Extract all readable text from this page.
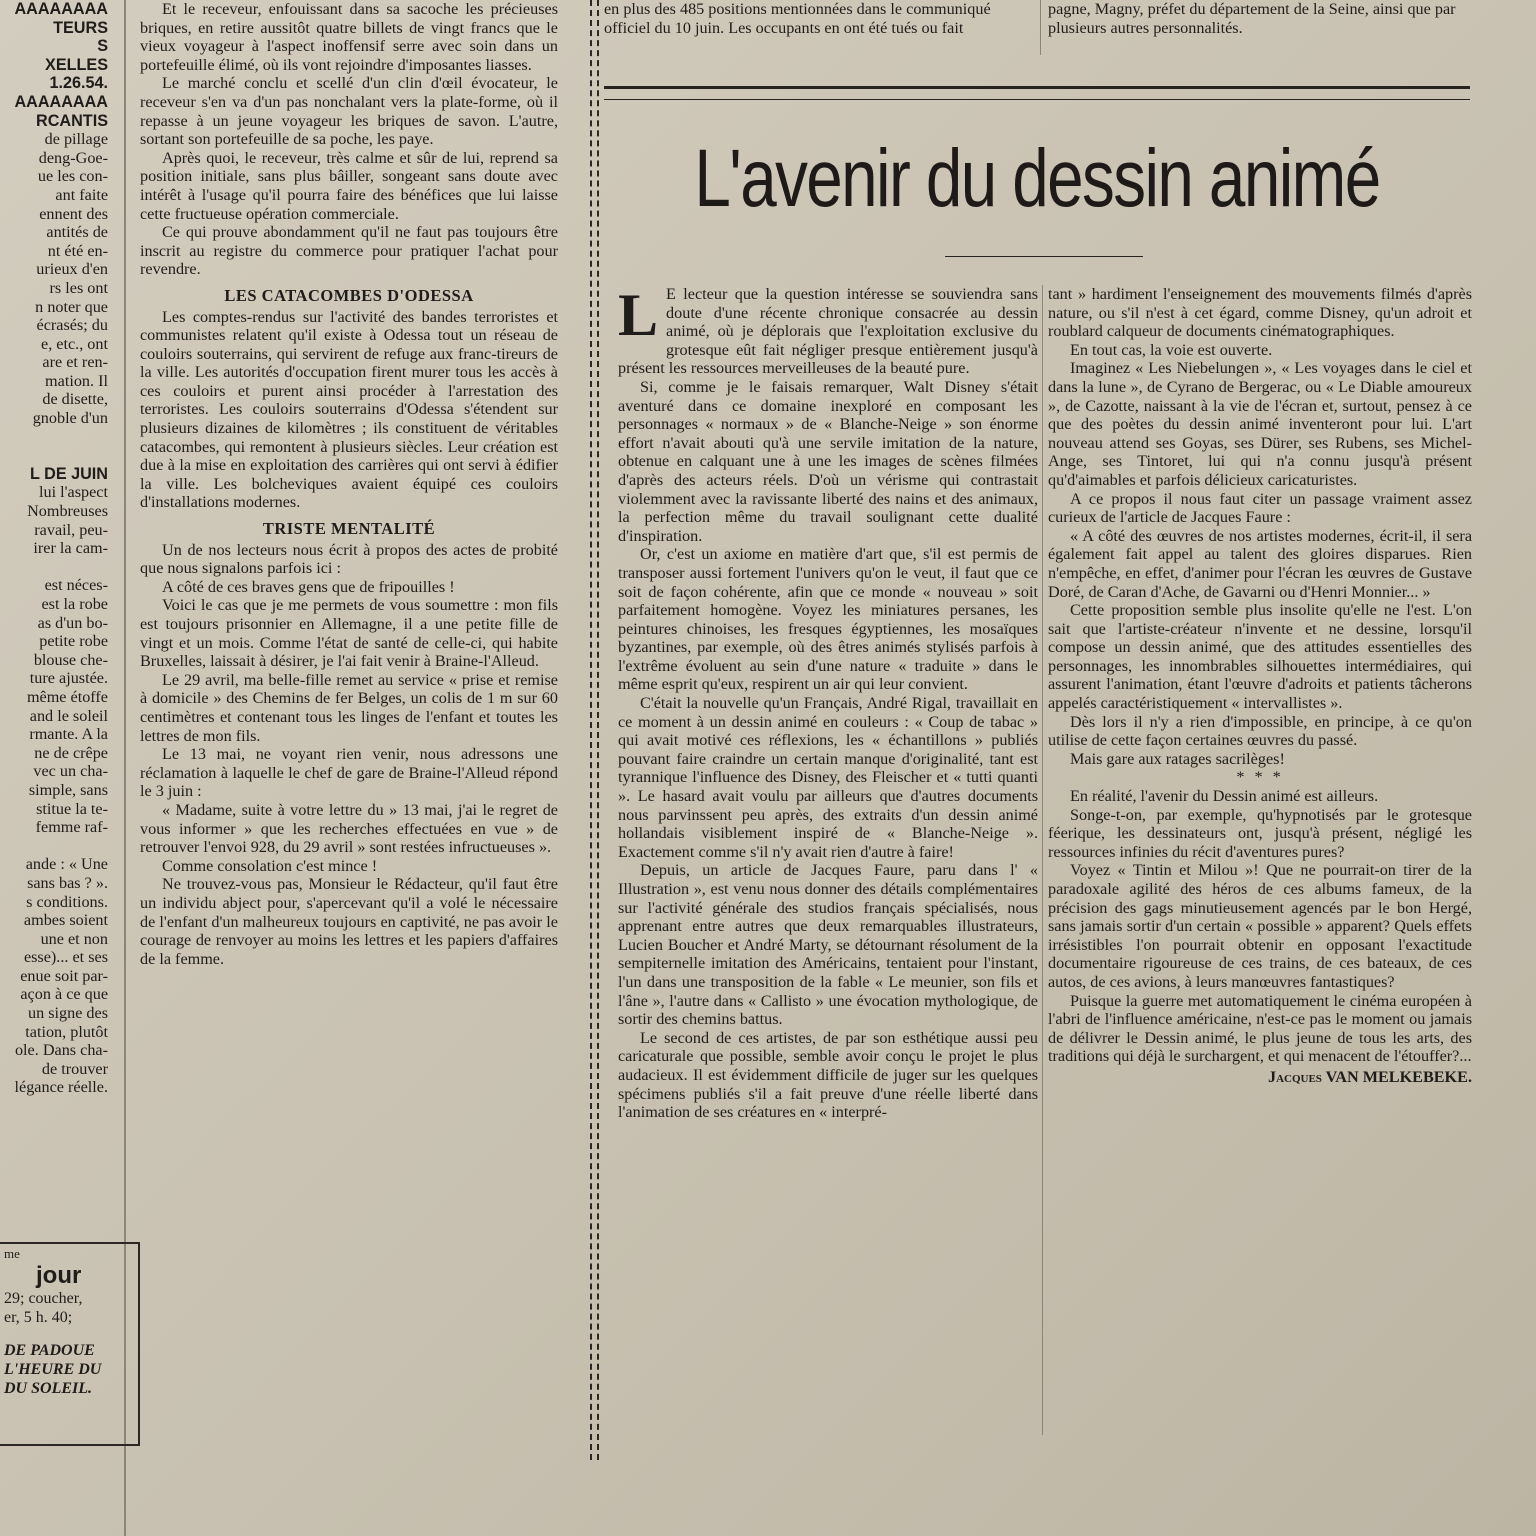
AAAAAAAA
TEURS
S
XELLES
1.26.54.
AAAAAAAA
RCANTIS
de pillage
deng-Goe-
ue les con-
ant faite
ennent des
antités de
nt été en-
urieux d'en
rs les ont
n noter que
écrasés; du
e, etc., ont
are et ren-
mation. Il
de disette,
gnoble d'un

L DE JUIN
lui l'aspect
Nombreuses
ravail, peu-
irer la cam-

est néces-
est la robe
as d'un bo-
petite robe
blouse che-
ture ajustée.
même étoffe
and le soleil
rmante. A la
ne de crêpe
vec un cha-
simple, sans
stitue la te-
femme raf-

ande : « Une
sans bas ? ».
s conditions.
ambes soient
une et non
esse)... et ses
enue soit par-
açon à ce que
un signe des
tation, plutôt
ole. Dans cha-
de trouver
légance réelle.
me
jour
29; coucher,
er, 5 h. 40;
DE PADOUE
L'HEURE DU
DU SOLEIL.

Et le receveur, enfouissant dans sa sacoche les précieuses briques, en retire aussitôt quatre billets de vingt francs que le vieux voyageur à l'aspect inoffensif serre avec soin dans un portefeuille élimé, où ils vont rejoindre d'imposantes liasses.

Le marché conclu et scellé d'un clin d'œil évocateur, le receveur s'en va d'un pas nonchalant vers la plate-forme, où il repasse à un jeune voyageur les briques de savon. L'autre, sortant son portefeuille de sa poche, les paye.

Après quoi, le receveur, très calme et sûr de lui, reprend sa position initiale, sans plus bâiller, songeant sans doute avec intérêt à l'usage qu'il pourra faire des bénéfices que lui laisse cette fructueuse opération commerciale.

Ce qui prouve abondamment qu'il ne faut pas toujours être inscrit au registre du commerce pour pratiquer l'achat pour revendre.

LES CATACOMBES D'ODESSA

Les comptes-rendus sur l'activité des bandes terroristes et communistes relatent qu'il existe à Odessa tout un réseau de couloirs souterrains, qui servirent de refuge aux franc-tireurs de la ville. Les autorités d'occupation firent murer tous les accès à ces couloirs et purent ainsi procéder à l'arrestation des terroristes. Les couloirs souterrains d'Odessa s'étendent sur plusieurs dizaines de kilomètres ; ils constituent de véritables catacombes, qui remontent à plusieurs siècles. Leur création est due à la mise en exploitation des carrières qui ont servi à édifier la ville. Les bolcheviques avaient équipé ces couloirs d'installations modernes.

TRISTE MENTALITÉ

Un de nos lecteurs nous écrit à propos des actes de probité que nous signalons parfois ici :

A côté de ces braves gens que de fripouilles !

Voici le cas que je me permets de vous soumettre : mon fils est toujours prisonnier en Allemagne, il a une petite fille de vingt et un mois. Comme l'état de santé de celle-ci, qui habite Bruxelles, laissait à désirer, je l'ai fait venir à Braine-l'Alleud.

Le 29 avril, ma belle-fille remet au service « prise et remise à domicile » des Chemins de fer Belges, un colis de 1 m sur 60 centimètres et contenant tous les linges de l'enfant et toutes les lettres de mon fils.

Le 13 mai, ne voyant rien venir, nous adressons une réclamation à laquelle le chef de gare de Braine-l'Alleud répond le 3 juin :

« Madame, suite à votre lettre du » 13 mai, j'ai le regret de vous informer » que les recherches effectuées en vue » de retrouver l'envoi 928, du 29 avril » sont restées infructueuses ».

Comme consolation c'est mince !

Ne trouvez-vous pas, Monsieur le Rédacteur, qu'il faut être un individu abject pour, s'apercevant qu'il a volé le nécessaire de l'enfant d'un malheureux toujours en captivité, ne pas avoir le courage de renvoyer au moins les lettres et les papiers d'affaires de la femme.

en plus des 485 positions mentionnées dans le communiqué officiel du 10 juin. Les occupants en ont été tués ou fait

pagne, Magny, préfet du département de la Seine, ainsi que par plusieurs autres personnalités.

L'avenir du dessin animé
L E lecteur que la question intéresse se souviendra sans doute d'une récente chronique consacrée au dessin animé, où je déplorais que l'exploitation exclusive du grotesque eût fait négliger presque entièrement jusqu'à présent les ressources merveilleuses de la beauté pure.

Si, comme je le faisais remarquer, Walt Disney s'était aventuré dans ce domaine inexploré en composant les personnages « normaux » de « Blanche-Neige » son énorme effort n'avait abouti qu'à une servile imitation de la nature, obtenue en calquant une à une les images de scènes filmées d'après des acteurs réels. D'où un vérisme qui contrastait violemment avec la ravissante liberté des nains et des animaux, la perfection même du travail soulignant cette dualité d'inspiration.

Or, c'est un axiome en matière d'art que, s'il est permis de transposer aussi fortement l'univers qu'on le veut, il faut que ce soit de façon cohérente, afin que ce monde « nouveau » soit parfaitement homogène. Voyez les miniatures persanes, les peintures chinoises, les fresques égyptiennes, les mosaïques byzantines, par exemple, où des êtres animés stylisés parfois à l'extrême évoluent au sein d'une nature « traduite » dans le même esprit qu'eux, respirent un air qui leur convient.

C'était la nouvelle qu'un Français, André Rigal, travaillait en ce moment à un dessin animé en couleurs : « Coup de tabac » qui avait motivé ces réflexions, les « échantillons » publiés pouvant faire craindre un certain manque d'originalité, tant est tyrannique l'influence des Disney, des Fleischer et « tutti quanti ». Le hasard avait voulu par ailleurs que d'autres documents nous parvinssent peu après, des extraits d'un dessin animé hollandais visiblement inspiré de « Blanche-Neige ». Exactement comme s'il n'y avait rien d'autre à faire!

Depuis, un article de Jacques Faure, paru dans l' « Illustration », est venu nous donner des détails complémentaires sur l'activité générale des studios français spécialisés, nous apprenant entre autres que deux remarquables illustrateurs, Lucien Boucher et André Marty, se détournant résolument de la sempiternelle imitation des Américains, tentaient pour l'instant, l'un dans une transposition de la fable « Le meunier, son fils et l'âne », l'autre dans « Callisto » une évocation mythologique, de sortir des chemins battus.

Le second de ces artistes, de par son esthétique aussi peu caricaturale que possible, semble avoir conçu le projet le plus audacieux. Il est évidemment difficile de juger sur les quelques spécimens publiés s'il a fait preuve d'une réelle liberté dans l'animation de ses créatures en « interpré-

tant » hardiment l'enseignement des mouvements filmés d'après nature, ou s'il n'est à cet égard, comme Disney, qu'un adroit et roublard calqueur de documents cinématographiques.

En tout cas, la voie est ouverte.

Imaginez « Les Niebelungen », « Les voyages dans le ciel et dans la lune », de Cyrano de Bergerac, ou « Le Diable amoureux », de Cazotte, naissant à la vie de l'écran et, surtout, pensez à ce que des poètes du dessin animé inventeront pour lui. L'art nouveau attend ses Goyas, ses Dürer, ses Rubens, ses Michel-Ange, ses Tintoret, lui qui n'a connu jusqu'à présent qu'd'aimables et parfois délicieux caricaturistes.

A ce propos il nous faut citer un passage vraiment assez curieux de l'article de Jacques Faure :

« A côté des œuvres de nos artistes modernes, écrit-il, il sera également fait appel au talent des gloires disparues. Rien n'empêche, en effet, d'animer pour l'écran les œuvres de Gustave Doré, de Caran d'Ache, de Gavarni ou d'Henri Monnier... »

Cette proposition semble plus insolite qu'elle ne l'est. L'on sait que l'artiste-créateur n'invente et ne dessine, lorsqu'il compose un dessin animé, que des attitudes essentielles des personnages, les innombrables silhouettes intermédiaires, qui assurent l'animation, étant l'œuvre d'adroits et patients tâcherons appelés caractéristiquement « intervallistes ».

Dès lors il n'y a rien d'impossible, en principe, à ce qu'on utilise de cette façon certaines œuvres du passé.

Mais gare aux ratages sacrilèges!

* * *

En réalité, l'avenir du Dessin animé est ailleurs.

Songe-t-on, par exemple, qu'hypnotisés par le grotesque féerique, les dessinateurs ont, jusqu'à présent, négligé les ressources infinies du récit d'aventures pures?

Voyez « Tintin et Milou »! Que ne pourrait-on tirer de la paradoxale agilité des héros de ces albums fameux, de la précision des gags minutieusement agencés par le bon Hergé, sans jamais sortir d'un certain « possible » apparent? Quels effets irrésistibles l'on pourrait obtenir en opposant l'exactitude documentaire rigoureuse de ces trains, de ces bateaux, de ces autos, de ces avions, à leurs manœuvres fantastiques?

Puisque la guerre met automatiquement le cinéma européen à l'abri de l'influence américaine, n'est-ce pas le moment ou jamais de délivrer le Dessin animé, le plus jeune de tous les arts, des traditions qui déjà le surchargent, et qui menacent de l'étouffer?...

Jacques VAN MELKEBEKE.
